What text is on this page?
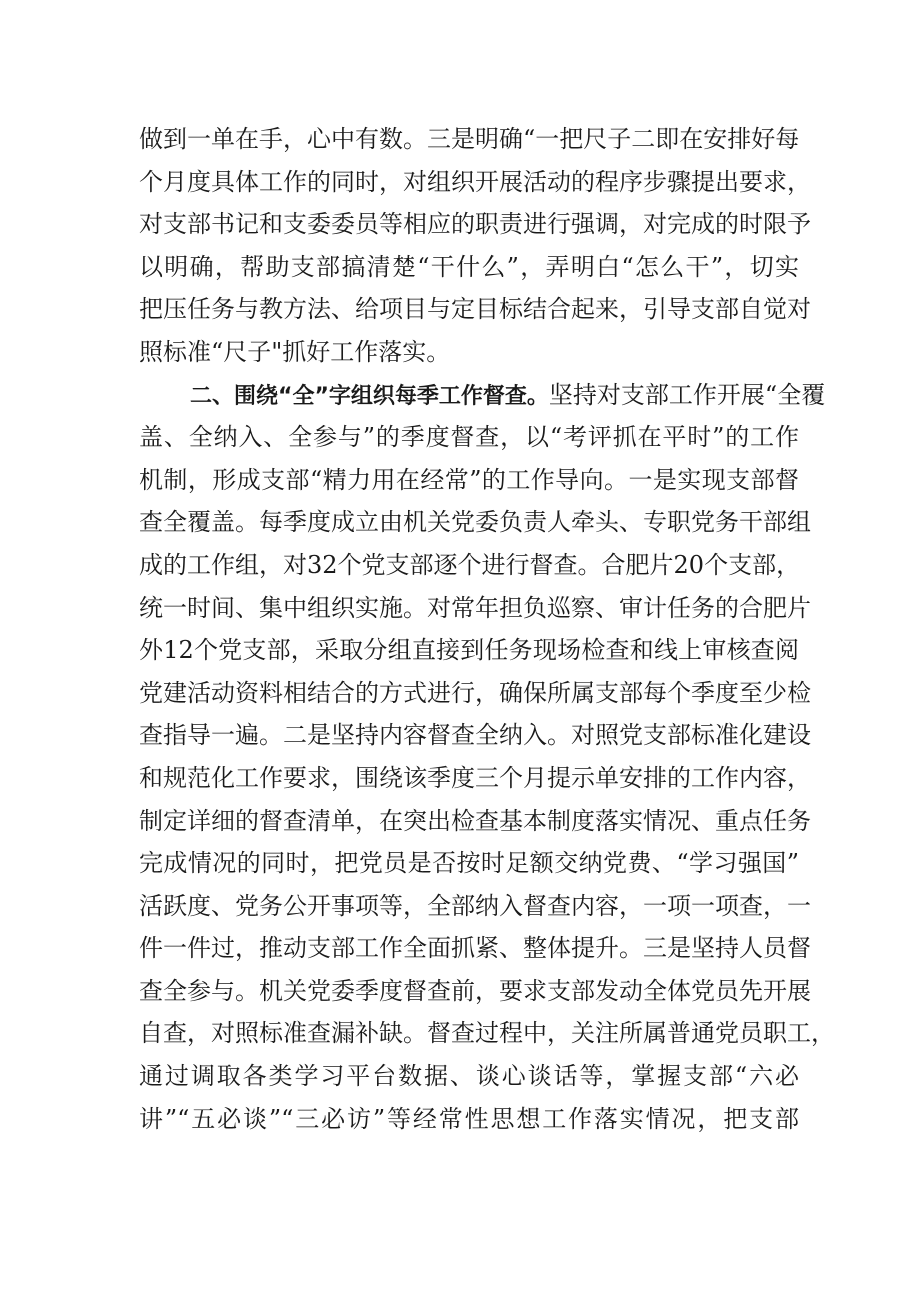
做到一单在手，心中有数。三是明确“一把尺子二即在安排好每
个月度具体工作的同时，对组织开展活动的程序步骤提出要求，
对支部书记和支委委员等相应的职责进行强调，对完成的时限予
以明确，帮助支部搞清楚“干什么”，弄明白“怎么干”，切实
把压任务与教方法、给项目与定目标结合起来，引导支部自觉对
照标准“尺子"抓好工作落实。
二、围绕“全”字组织每季工作督查。坚持对支部工作开展“全覆
盖、全纳入、全参与”的季度督查，以“考评抓在平时”的工作
机制，形成支部“精力用在经常”的工作导向。一是实现支部督
查全覆盖。每季度成立由机关党委负责人牵头、专职党务干部组
成的工作组，对32个党支部逐个进行督查。合肥片20个支部，
统一时间、集中组织实施。对常年担负巡察、审计任务的合肥片
外12个党支部，采取分组直接到任务现场检查和线上审核查阅
党建活动资料相结合的方式进行，确保所属支部每个季度至少检
查指导一遍。二是坚持内容督查全纳入。对照党支部标准化建设
和规范化工作要求，围绕该季度三个月提示单安排的工作内容，
制定详细的督查清单，在突出检查基本制度落实情况、重点任务
完成情况的同时，把党员是否按时足额交纳党费、“学习强国”
活跃度、党务公开事项等，全部纳入督查内容，一项一项查，一
件一件过，推动支部工作全面抓紧、整体提升。三是坚持人员督
查全参与。机关党委季度督查前，要求支部发动全体党员先开展
自查，对照标准查漏补缺。督查过程中，关注所属普通党员职工，
通过调取各类学习平台数据、谈心谈话等，掌握支部“六必
讲”“五必谈”“三必访”等经常性思想工作落实情况，把支部
